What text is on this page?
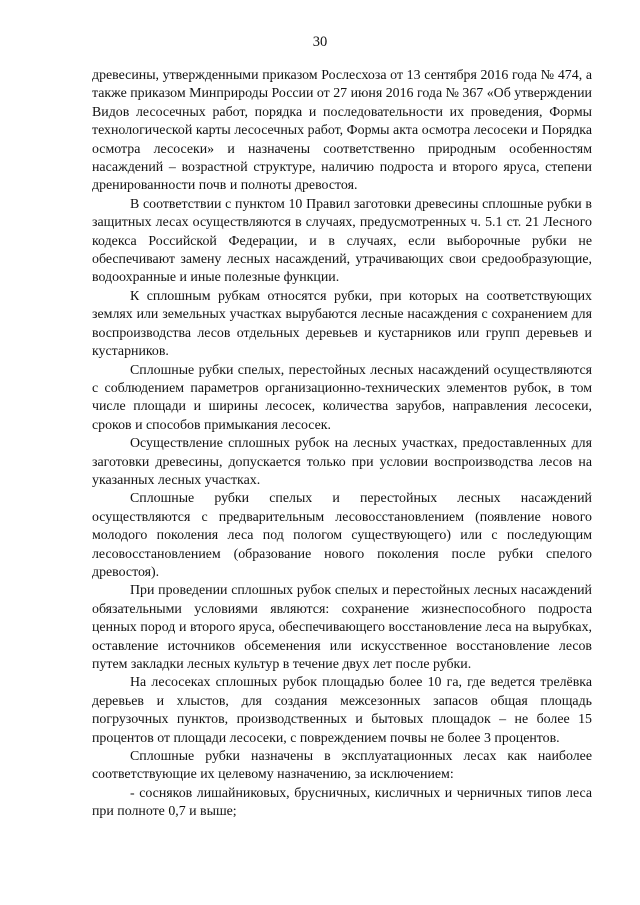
30

древесины, утвержденными приказом Рослесхоза от 13 сентября 2016 года № 474, а также приказом Минприроды России от 27 июня 2016 года № 367 «Об утверждении Видов лесосечных работ, порядка и последовательности их проведения, Формы технологической карты лесосечных работ, Формы акта осмотра лесосеки и Порядка осмотра лесосеки» и назначены соответственно природным особенностям насаждений – возрастной структуре, наличию подроста и второго яруса, степени дренированности почв и полноты древостоя.

В соответствии с пунктом 10 Правил заготовки древесины сплошные рубки в защитных лесах осуществляются в случаях, предусмотренных ч. 5.1 ст. 21 Лесного кодекса Российской Федерации, и в случаях, если выборочные рубки не обеспечивают замену лесных насаждений, утрачивающих свои средообразующие, водоохранные и иные полезные функции.

К сплошным рубкам относятся рубки, при которых на соответствующих землях или земельных участках вырубаются лесные насаждения с сохранением для воспроизводства лесов отдельных деревьев и кустарников или групп деревьев и кустарников.

Сплошные рубки спелых, перестойных лесных насаждений осуществляются с соблюдением параметров организационно-технических элементов рубок, в том числе площади и ширины лесосек, количества зарубов, направления лесосеки, сроков и способов примыкания лесосек.

Осуществление сплошных рубок на лесных участках, предоставленных для заготовки древесины, допускается только при условии воспроизводства лесов на указанных лесных участках.

Сплошные рубки спелых и перестойных лесных насаждений осуществляются с предварительным лесовосстановлением (появление нового молодого поколения леса под пологом существующего) или с последующим лесовосстановлением (образование нового поколения после рубки спелого древостоя).

При проведении сплошных рубок спелых и перестойных лесных насаждений обязательными условиями являются: сохранение жизнеспособного подроста ценных пород и второго яруса, обеспечивающего восстановление леса на вырубках, оставление источников обсеменения или искусственное восстановление лесов путем закладки лесных культур в течение двух лет после рубки.

На лесосеках сплошных рубок площадью более 10 га, где ведется трелёвка деревьев и хлыстов, для создания межсезонных запасов общая площадь погрузочных пунктов, производственных и бытовых площадок – не более 15 процентов от площади лесосеки, с повреждением почвы не более 3 процентов.

Сплошные рубки назначены в эксплуатационных лесах как наиболее соответствующие их целевому назначению, за исключением:

- сосняков лишайниковых, брусничных, кисличных и черничных типов леса при полноте 0,7 и выше;
